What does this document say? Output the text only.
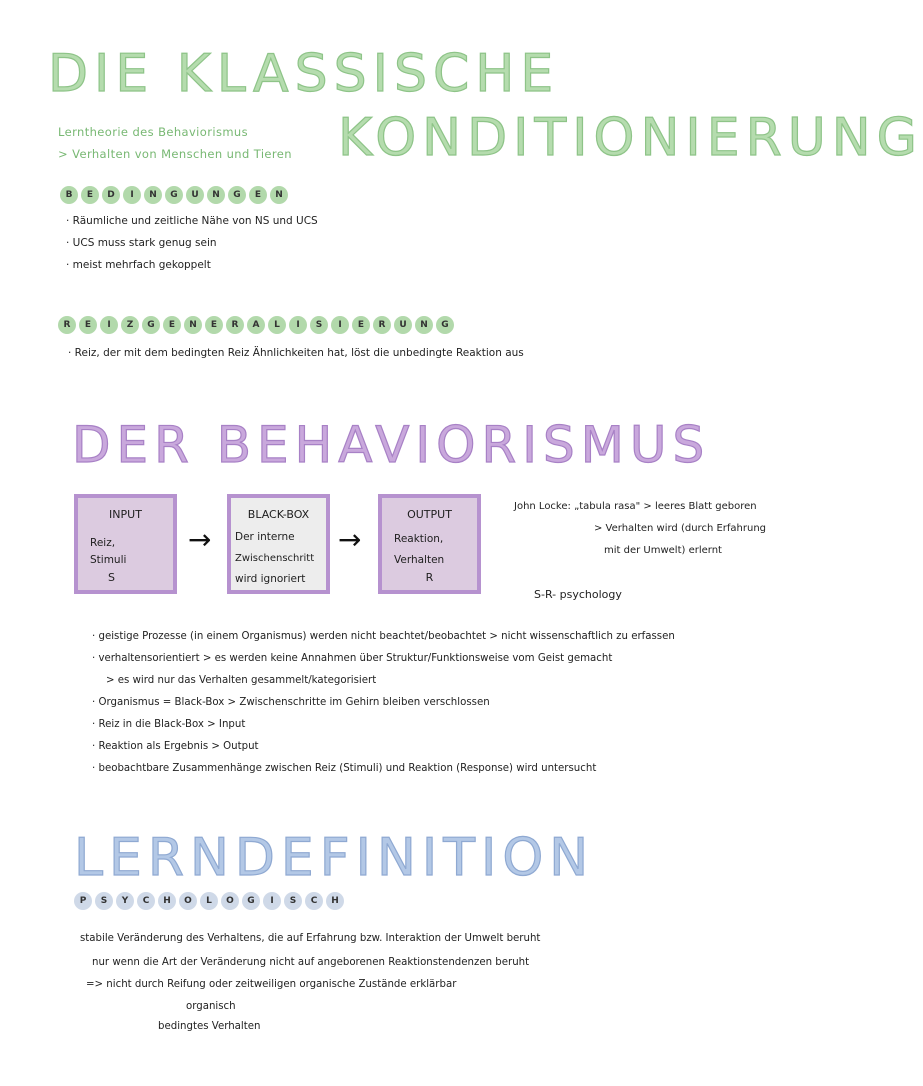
DIE KLASSISCHE
KONDITIONIERUNG
Lerntheorie des Behaviorismus
> Verhalten von Menschen und Tieren
B	E	D	I	N	G	U	N	G	E	N
· Räumliche und zeitliche Nähe von NS und UCS
· UCS muss stark genug sein
· meist mehrfach gekoppelt
R	E	I	Z	G	E	N	E	R	A	L	I	S	I	E	R	U	N	G
· Reiz, der mit dem bedingten Reiz Ähnlichkeiten hat, löst die unbedingte Reaktion aus
DER BEHAVIORISMUS
INPUT
Reiz,
Stimuli
S
→
BLACK-BOX
Der interne
Zwischenschritt
wird ignoriert
→
OUTPUT
Reaktion,
Verhalten
R
John Locke: „tabula rasa" > leeres Blatt geboren
> Verhalten wird (durch Erfahrung
mit der Umwelt) erlernt
S-R- psychology
· geistige Prozesse (in einem Organismus) werden nicht beachtet/beobachtet > nicht wissenschaftlich zu erfassen
· verhaltensorientiert > es werden keine Annahmen über Struktur/Funktionsweise vom Geist gemacht
> es wird nur das Verhalten gesammelt/kategorisiert
· Organismus = Black-Box > Zwischenschritte im Gehirn bleiben verschlossen
· Reiz in die Black-Box > Input
· Reaktion als Ergebnis > Output
· beobachtbare Zusammenhänge zwischen Reiz (Stimuli) und Reaktion (Response) wird untersucht
LERNDEFINITION
P	S	Y	C	H	O	L	O	G	I	S	C	H
stabile Veränderung des Verhaltens, die auf Erfahrung bzw. Interaktion der Umwelt beruht
nur wenn die Art der Veränderung nicht auf angeborenen Reaktionstendenzen beruht
=> nicht durch Reifung oder zeitweiligen organische Zustände erklärbar
organisch
bedingtes Verhalten
